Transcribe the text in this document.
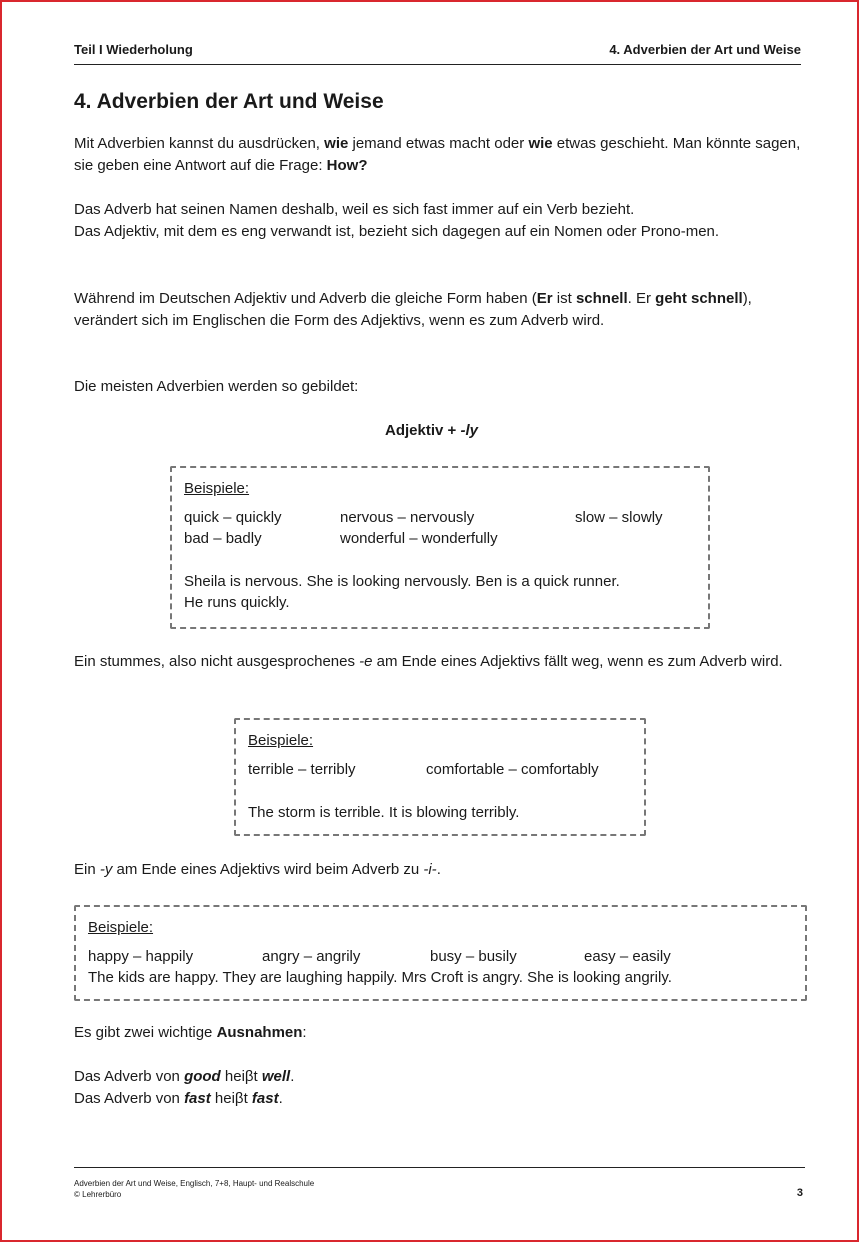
Teil I Wiederholung	4. Adverbien der Art und Weise
4. Adverbien der Art und Weise

Mit Adverbien kannst du ausdrücken, wie jemand etwas macht oder wie etwas geschieht. Man könnte sagen, sie geben eine Antwort auf die Frage: How?

Das Adverb hat seinen Namen deshalb, weil es sich fast immer auf ein Verb bezieht.

Das Adjektiv, mit dem es eng verwandt ist, bezieht sich dagegen auf ein Nomen oder Prono-men.

Während im Deutschen Adjektiv und Adverb die gleiche Form haben (Er ist schnell. Er geht schnell), verändert sich im Englischen die Form des Adjektivs, wenn es zum Adverb wird.

Die meisten Adverbien werden so gebildet:

Adjektiv + -ly
Beispiele:
quick – quickly	nervous – nervously	slow – slowly
bad – badly	wonderful – wonderfully
Sheila is nervous. She is looking nervously. Ben is a quick runner.
He runs quickly.

Ein stummes, also nicht ausgesprochenes -e am Ende eines Adjektivs fällt weg, wenn es zum Adverb wird.

Beispiele:
terrible – terribly	comfortable – comfortably
The storm is terrible. It is blowing terribly.

Ein -y am Ende eines Adjektivs wird beim Adverb zu -i-.

Beispiele:
happy – happily	angry – angrily	busy – busily	easy – easily
The kids are happy. They are laughing happily. Mrs Croft is angry. She is looking angrily.

Es gibt zwei wichtige Ausnahmen:

Das Adverb von good heiβt well.

Das Adverb von fast heiβt fast.

Adverbien der Art und Weise, Englisch, 7+8, Haupt- und Realschule
© Lehrerbüro	3
